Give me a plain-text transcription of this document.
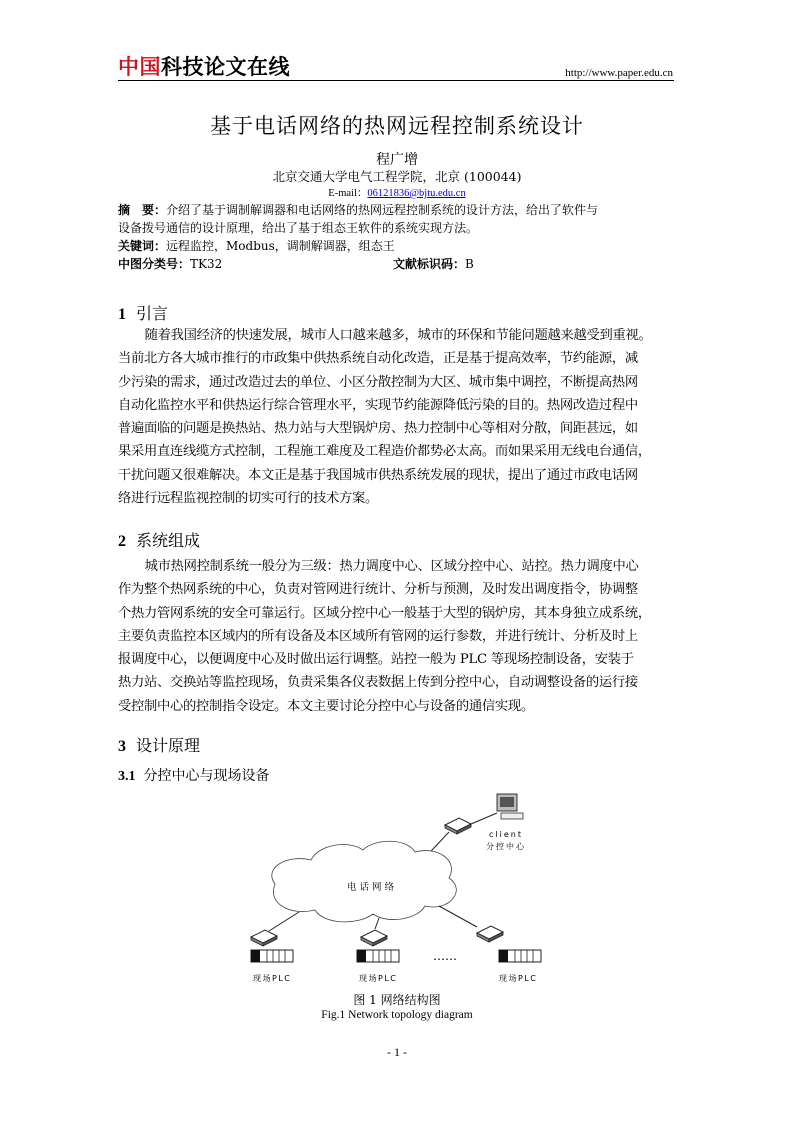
中国科技论文在线	http://www.paper.edu.cn
基于电话网络的热网远程控制系统设计
程广增
北京交通大学电气工程学院，北京 (100044)
E-mail：06121836@bjtu.edu.cn
摘　要：介绍了基于调制解调器和电话网络的热网远程控制系统的设计方法，给出了软件与
设备拨号通信的设计原理，给出了基于组态王软件的系统实现方法。
关键词：远程监控，Modbus，调制解调器，组态王
中图分类号：TK32	文献标识码：B
1 引言
随着我国经济的快速发展，城市人口越来越多，城市的环保和节能问题越来越受到重视。
当前北方各大城市推行的市政集中供热系统自动化改造，正是基于提高效率，节约能源，减
少污染的需求，通过改造过去的单位、小区分散控制为大区、城市集中调控，不断提高热网
自动化监控水平和供热运行综合管理水平，实现节约能源降低污染的目的。热网改造过程中
普遍面临的问题是换热站、热力站与大型锅炉房、热力控制中心等相对分散，间距甚远，如
果采用直连线缆方式控制，工程施工难度及工程造价都势必太高。而如果采用无线电台通信，
干扰问题又很难解决。本文正是基于我国城市供热系统发展的现状，提出了通过市政电话网
络进行远程监视控制的切实可行的技术方案。
2 系统组成
城市热网控制系统一般分为三级：热力调度中心、区域分控中心、站控。热力调度中心
作为整个热网系统的中心，负责对管网进行统计、分析与预测，及时发出调度指令，协调整
个热力管网系统的安全可靠运行。区域分控中心一般基于大型的锅炉房，其本身独立成系统，
主要负责监控本区域内的所有设备及本区域所有管网的运行参数，并进行统计、分析及时上
报调度中心，以便调度中心及时做出运行调整。站控一般为 PLC 等现场控制设备，安装于
热力站、交换站等监控现场，负责采集各仪表数据上传到分控中心，自动调整设备的运行接
受控制中心的控制指令设定。本文主要讨论分控中心与设备的通信实现。
3 设计原理
3.1 分控中心与现场设备
client
分控中心
电话网络
……
现场PLC	现场PLC	现场PLC
图 1 网络结构图
Fig.1 Network topology diagram
- 1 -
